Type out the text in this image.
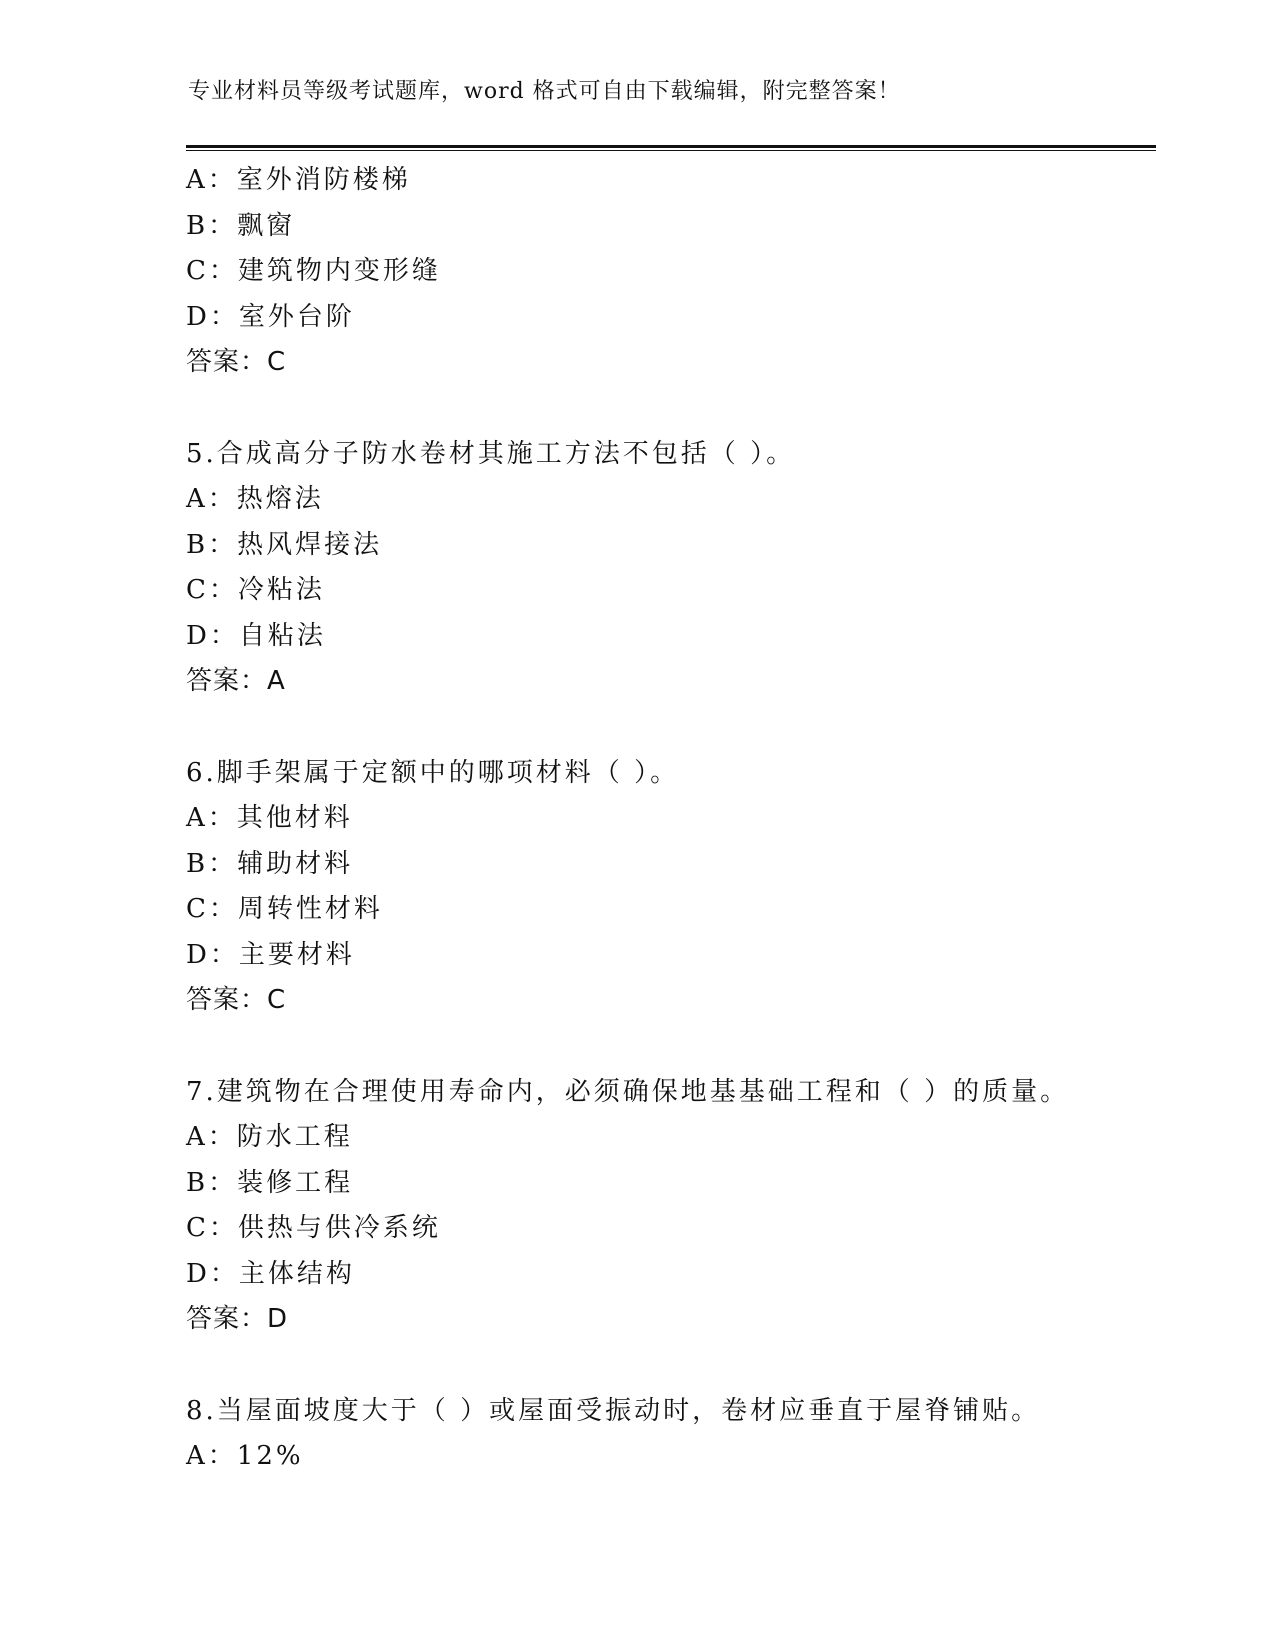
专业材料员等级考试题库，word 格式可自由下载编辑，附完整答案！
A：室外消防楼梯
B：飘窗
C：建筑物内变形缝
D：室外台阶
答案：C
5.合成高分子防水卷材其施工方法不包括（ ）。
A：热熔法
B：热风焊接法
C：冷粘法
D：自粘法
答案：A
6.脚手架属于定额中的哪项材料（ ）。
A：其他材料
B：辅助材料
C：周转性材料
D：主要材料
答案：C
7.建筑物在合理使用寿命内，必须确保地基基础工程和（ ）的质量。
A：防水工程
B：装修工程
C：供热与供冷系统
D：主体结构
答案：D
8.当屋面坡度大于（ ）或屋面受振动时，卷材应垂直于屋脊铺贴。
A：12%
